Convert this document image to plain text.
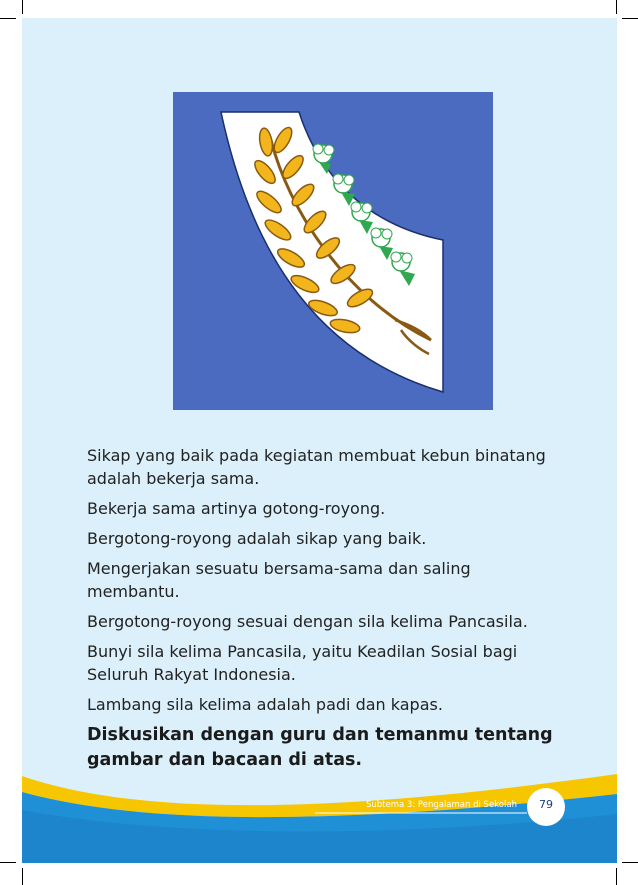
Sikap yang baik pada kegiatan membuat kebun binatang adalah bekerja sama.

Bekerja sama artinya gotong-royong.

Bergotong-royong adalah sikap yang baik.

Mengerjakan sesuatu bersama-sama dan saling membantu.

Bergotong-royong sesuai dengan sila kelima Pancasila.

Bunyi sila kelima Pancasila, yaitu Keadilan Sosial bagi Seluruh Rakyat Indonesia.

Lambang sila kelima adalah padi dan kapas.

Diskusikan dengan guru dan temanmu tentang gambar dan bacaan di atas.

Subtema 3: Pengalaman di Sekolah	79
